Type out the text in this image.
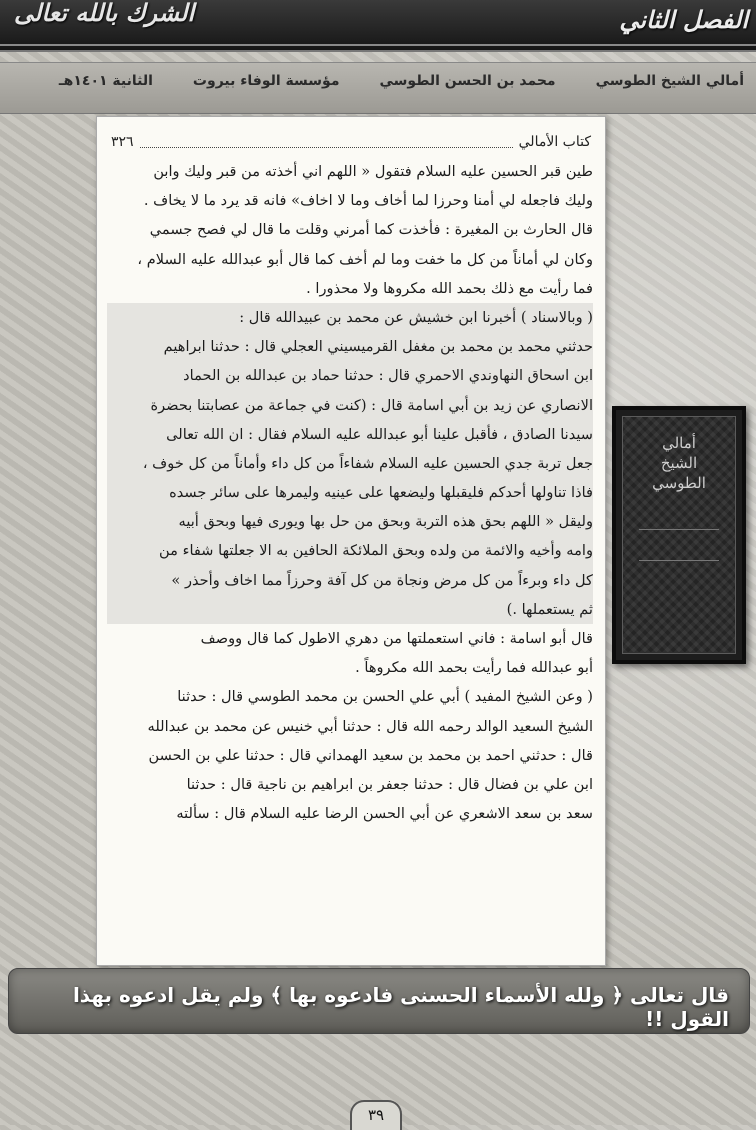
الفصل الثاني
الشرك بالله تعالى
أمالي الشيخ الطوسي
محمد بن الحسن الطوسي
مؤسسة الوفاء بيروت
الثانية ١٤٠١هـ
كتاب الأمالي
٣٢٦
طين قبر الحسين عليه السلام فتقول « اللهم اني أخذته من قبر وليك وابن
وليك فاجعله لي أمنا وحرزا لما أخاف وما لا اخاف» فانه قد يرد ما لا يخاف .
قال الحارث بن المغيرة : فأخذت كما أمرني وقلت ما قال لي فصح جسمي
وكان لي أماناً من كل ما خفت وما لم أخف كما قال أبو عبدالله عليه السلام ،
فما رأيت مع ذلك بحمد الله مكروها ولا محذورا .
( وبالاسناد ) أخبرنا ابن خشيش عن محمد بن عبيدالله قال :
حدثني محمد بن محمد بن مغفل القرميسيني العجلي قال : حدثنا ابراهيم
ابن اسحاق النهاوندي الاحمري قال : حدثنا حماد بن عبدالله بن الحماد
الانصاري عن زيد بن أبي اسامة قال : (كنت في جماعة من عصابتنا بحضرة
سيدنا الصادق ، فأقبل علينا أبو عبدالله عليه السلام فقال : ان الله تعالى
جعل تربة جدي الحسين عليه السلام شفاءاً من كل داء وأماناً من كل خوف ،
فاذا تناولها أحدكم فليقبلها وليضعها على عينيه وليمرها على سائر جسده
وليقل « اللهم بحق هذه التربة وبحق من حل بها ويورى فيها وبحق أبيه
وامه وأخيه والائمة من ولده وبحق الملائكة الحافين به الا جعلتها شفاء من
كل داء وبرءاً من كل مرض ونجاة من كل آفة وحرزاً مما اخاف وأحذر »
ثم يستعملها .)
قال أبو اسامة : فاني استعملتها من دهري الاطول كما قال ووصف
أبو عبدالله فما رأيت بحمد الله مكروهاً .
( وعن الشيخ المفيد ) أبي علي الحسن بن محمد الطوسي قال : حدثنا
الشيخ السعيد الوالد رحمه الله قال : حدثنا أبي خنيس عن محمد بن عبدالله
قال : حدثني احمد بن محمد بن سعيد الهمداني قال : حدثنا علي بن الحسن
ابن علي بن فضال قال : حدثنا جعفر بن ابراهيم بن ناجية قال : حدثنا
سعد بن سعد الاشعري عن أبي الحسن الرضا عليه السلام قال : سألته
أمالي
الشيخ الطوسي
قال تعالى ﴿ ولله الأسماء الحسنى فادعوه بها ﴾ ولم يقل ادعوه بهذا القول !!
٣٩
